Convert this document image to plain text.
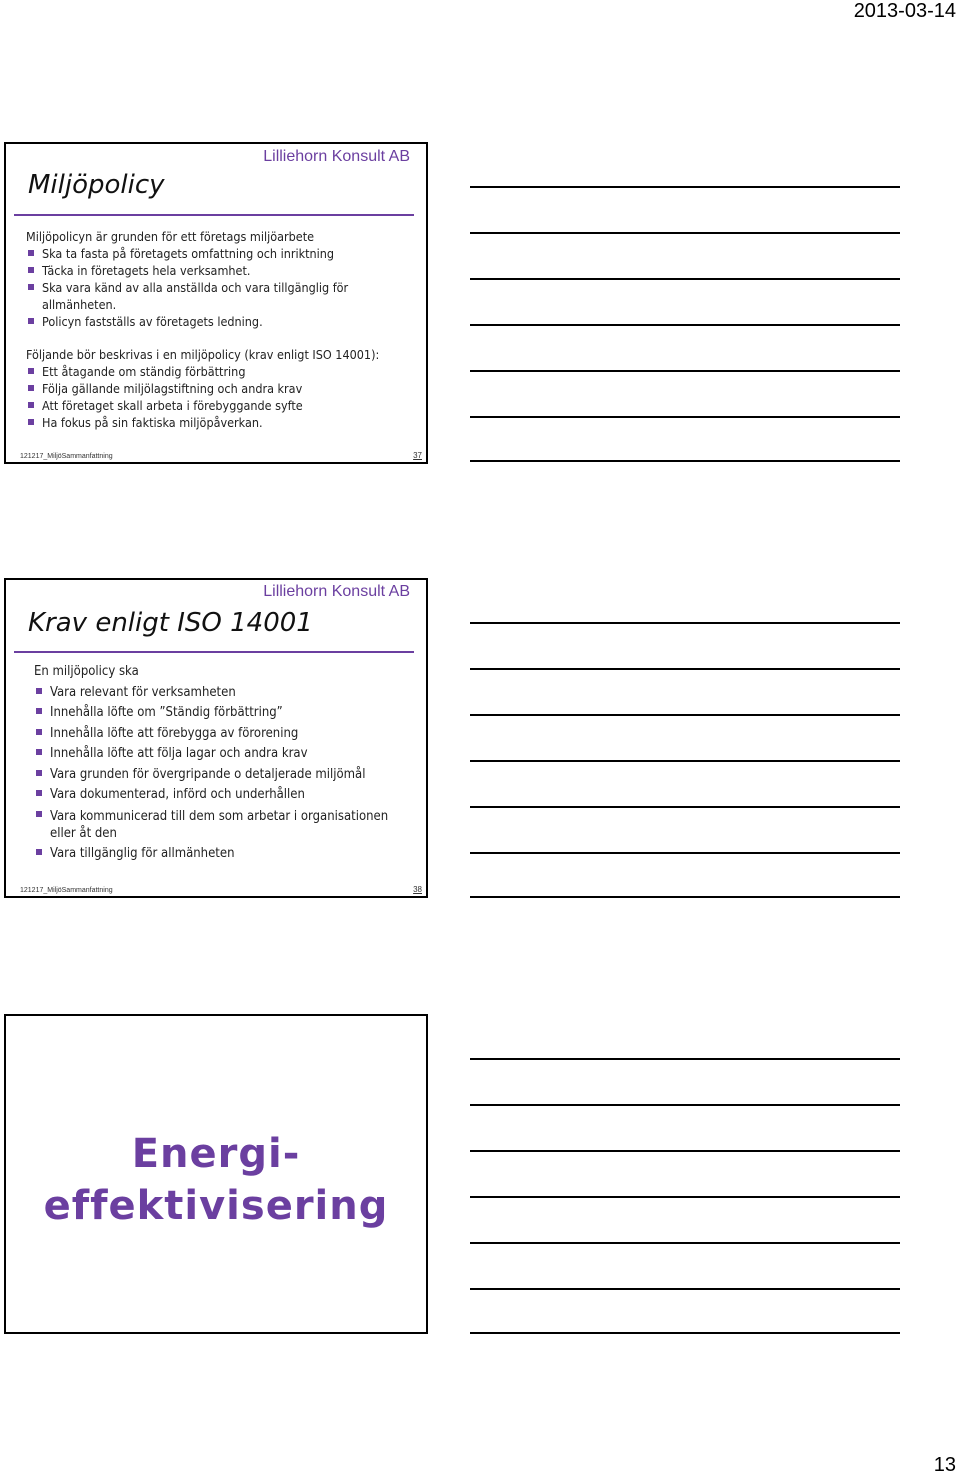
2013-03-14
Lilliehorn Konsult AB
Miljöpolicy

Miljöpolicyn är grunden för ett företags miljöarbete

Ska ta fasta på företagets omfattning och inriktning
Täcka in företagets hela verksamhet.
Ska vara känd av alla anställda och vara tillgänglig för allmänheten.
Policyn fastställs av företagets ledning.

Följande bör beskrivas i en miljöpolicy (krav enligt ISO 14001):

Ett åtagande om ständig förbättring
Följa gällande miljölagstiftning och andra krav
Att företaget skall arbeta i förebyggande syfte
Ha fokus på sin faktiska miljöpåverkan.
121217_MiljöSammanfattning	37
Lilliehorn Konsult AB
Krav enligt ISO 14001

En miljöpolicy ska

Vara relevant för verksamheten
Innehålla löfte om ”Ständig förbättring”
Innehålla löfte att förebygga av förorening
Innehålla löfte att följa lagar och andra krav
Vara grunden för övergripande o detaljerade miljömål
Vara dokumenterad, införd och underhållen
Vara kommunicerad till dem som arbetar i organisationen eller åt den
Vara tillgänglig för allmänheten
121217_MiljöSammanfattning	38
Energi-
effektivisering
13
